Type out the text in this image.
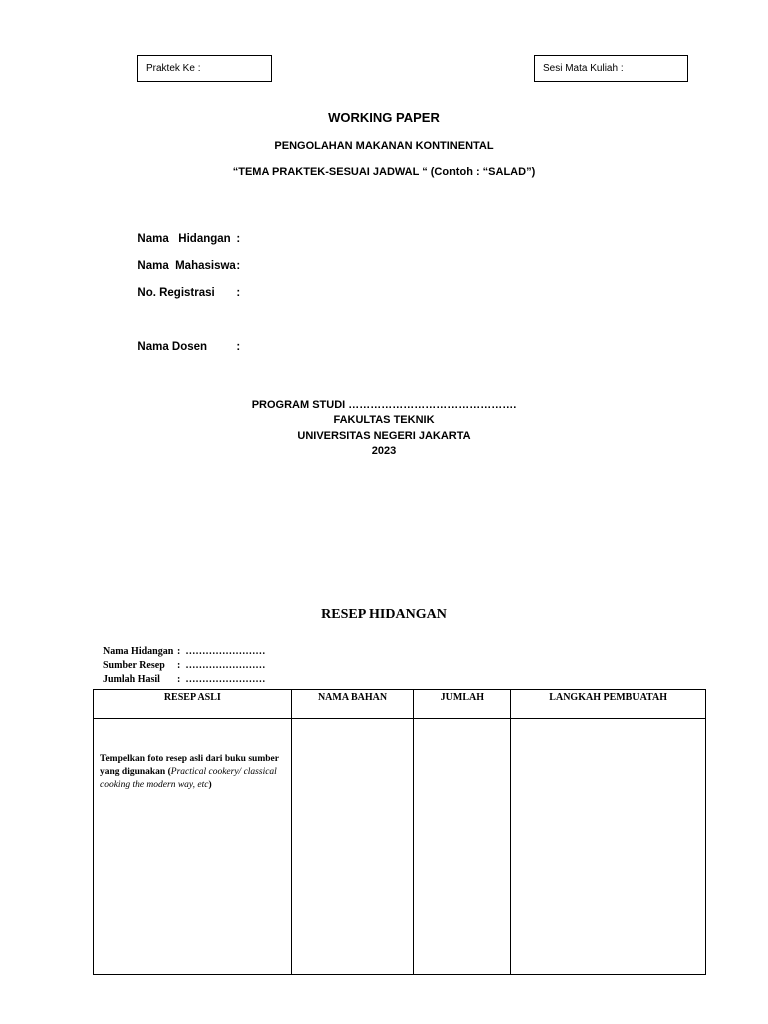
Praktek Ke :	Sesi Mata Kuliah :
WORKING PAPER
PENGOLAHAN MAKANAN KONTINENTAL
“TEMA PRAKTEK-SESUAI JADWAL “ (Contoh : “SALAD”)

Nama   Hidangan :

Nama  Mahasiswa:

No. Registrasi :

Nama Dosen	:

PROGRAM STUDI ……………………………………….
FAKULTAS TEKNIK
UNIVERSITAS NEGERI JAKARTA
2023
RESEP HIDANGAN

Nama Hidangan :  ……………………

Sumber Resep :  ……………………

Jumlah Hasil :  ……………………

RESEP ASLI	NAMA BAHAN	JUMLAH	LANGKAH PEMBUATAH

Tempelkan foto resep asli dari buku sumber yang digunakan (Practical cookery/ classical cooking the modern way, etc)			
